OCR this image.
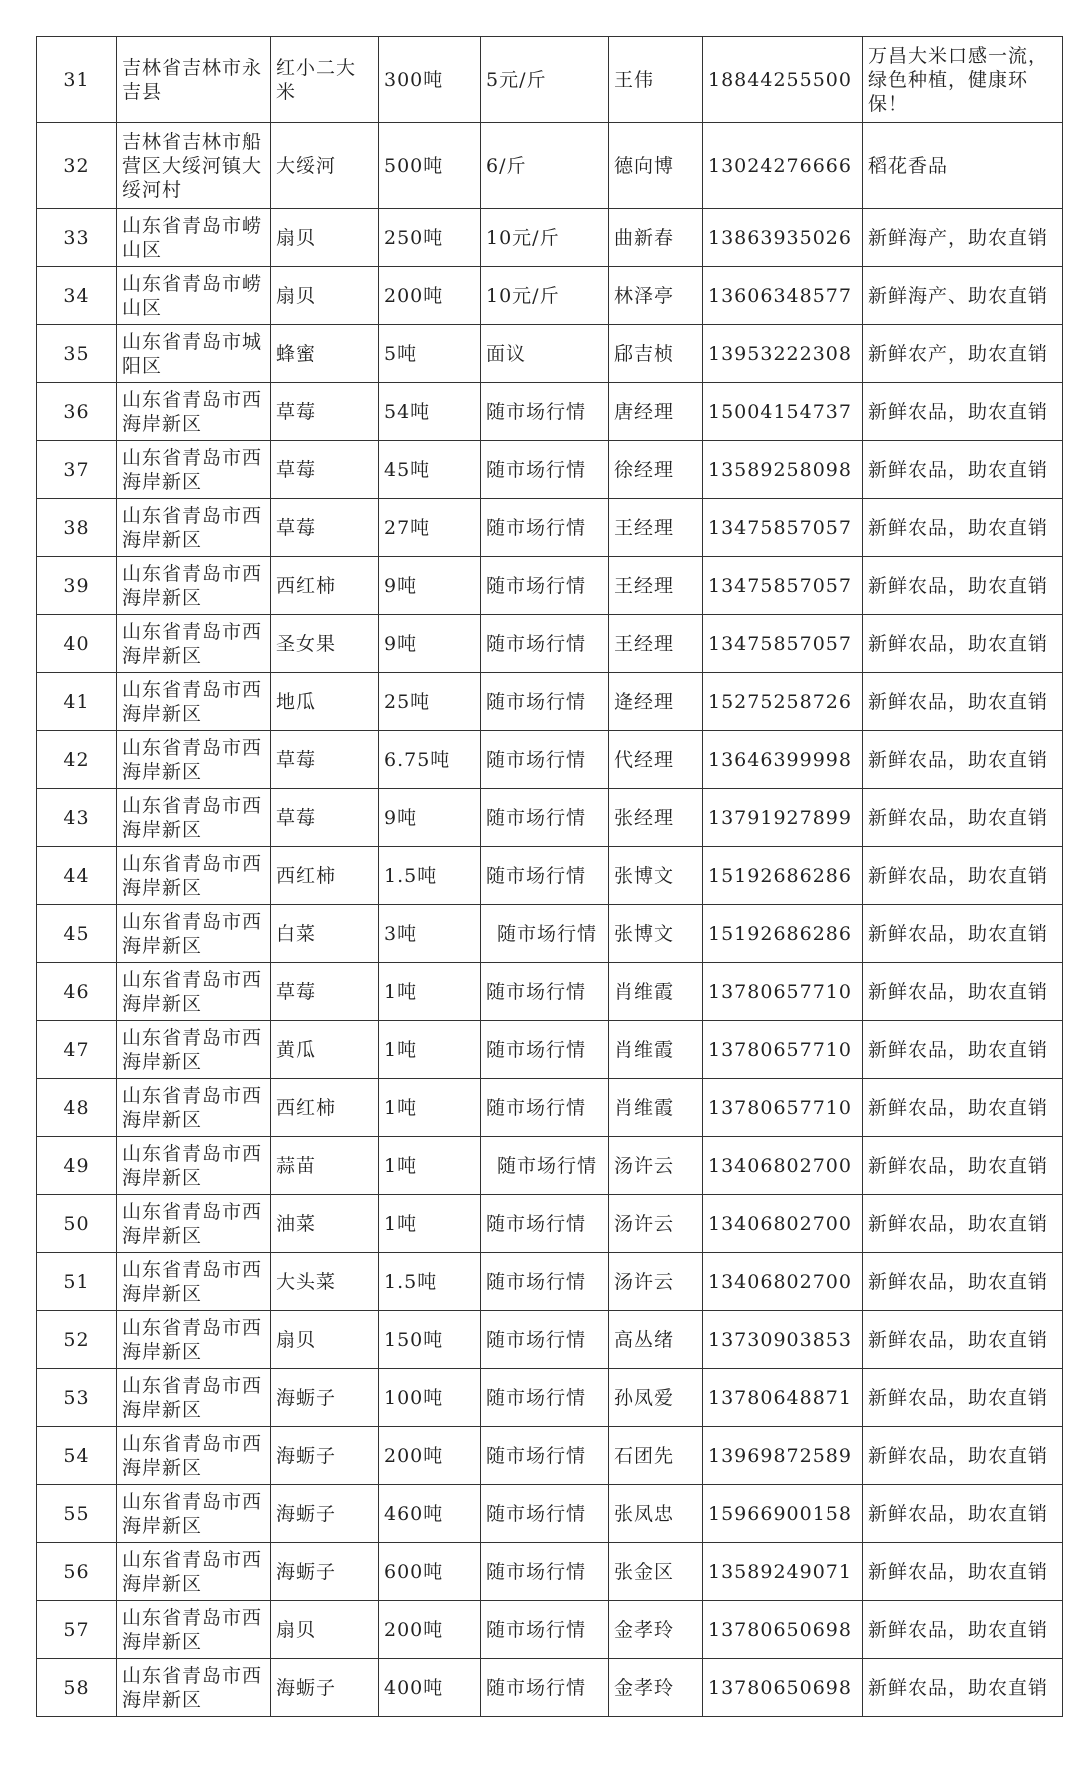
31	吉林省吉林市永吉县	红小二大米	300吨	5元/斤	王伟	18844255500	万昌大米口感一流，绿色种植，健康环保！
32	吉林省吉林市船营区大绥河镇大绥河村	大绥河	500吨	6/斤	德向博	13024276666	稻花香品
33	山东省青岛市崂山区	扇贝	250吨	10元/斤	曲新春	13863935026	新鲜海产，助农直销
34	山东省青岛市崂山区	扇贝	200吨	10元/斤	林泽亭	13606348577	新鲜海产、助农直销
35	山东省青岛市城阳区	蜂蜜	5吨	面议	郈吉桢	13953222308	新鲜农产，助农直销
36	山东省青岛市西海岸新区	草莓	54吨	随市场行情	唐经理	15004154737	新鲜农品，助农直销
37	山东省青岛市西海岸新区	草莓	45吨	随市场行情	徐经理	13589258098	新鲜农品，助农直销
38	山东省青岛市西海岸新区	草莓	27吨	随市场行情	王经理	13475857057	新鲜农品，助农直销
39	山东省青岛市西海岸新区	西红柿	9吨	随市场行情	王经理	13475857057	新鲜农品，助农直销
40	山东省青岛市西海岸新区	圣女果	9吨	随市场行情	王经理	13475857057	新鲜农品，助农直销
41	山东省青岛市西海岸新区	地瓜	25吨	随市场行情	逄经理	15275258726	新鲜农品，助农直销
42	山东省青岛市西海岸新区	草莓	6.75吨	随市场行情	代经理	13646399998	新鲜农品，助农直销
43	山东省青岛市西海岸新区	草莓	9吨	随市场行情	张经理	13791927899	新鲜农品，助农直销
44	山东省青岛市西海岸新区	西红柿	1.5吨	随市场行情	张博文	15192686286	新鲜农品，助农直销
45	山东省青岛市西海岸新区	白菜	3吨	随市场行情	张博文	15192686286	新鲜农品，助农直销
46	山东省青岛市西海岸新区	草莓	1吨	随市场行情	肖维霞	13780657710	新鲜农品，助农直销
47	山东省青岛市西海岸新区	黄瓜	1吨	随市场行情	肖维霞	13780657710	新鲜农品，助农直销
48	山东省青岛市西海岸新区	西红柿	1吨	随市场行情	肖维霞	13780657710	新鲜农品，助农直销
49	山东省青岛市西海岸新区	蒜苗	1吨	随市场行情	汤许云	13406802700	新鲜农品，助农直销
50	山东省青岛市西海岸新区	油菜	1吨	随市场行情	汤许云	13406802700	新鲜农品，助农直销
51	山东省青岛市西海岸新区	大头菜	1.5吨	随市场行情	汤许云	13406802700	新鲜农品，助农直销
52	山东省青岛市西海岸新区	扇贝	150吨	随市场行情	高丛绪	13730903853	新鲜农品，助农直销
53	山东省青岛市西海岸新区	海蛎子	100吨	随市场行情	孙凤爱	13780648871	新鲜农品，助农直销
54	山东省青岛市西海岸新区	海蛎子	200吨	随市场行情	石团先	13969872589	新鲜农品，助农直销
55	山东省青岛市西海岸新区	海蛎子	460吨	随市场行情	张凤忠	15966900158	新鲜农品，助农直销
56	山东省青岛市西海岸新区	海蛎子	600吨	随市场行情	张金区	13589249071	新鲜农品，助农直销
57	山东省青岛市西海岸新区	扇贝	200吨	随市场行情	金孝玲	13780650698	新鲜农品，助农直销
58	山东省青岛市西海岸新区	海蛎子	400吨	随市场行情	金孝玲	13780650698	新鲜农品，助农直销
